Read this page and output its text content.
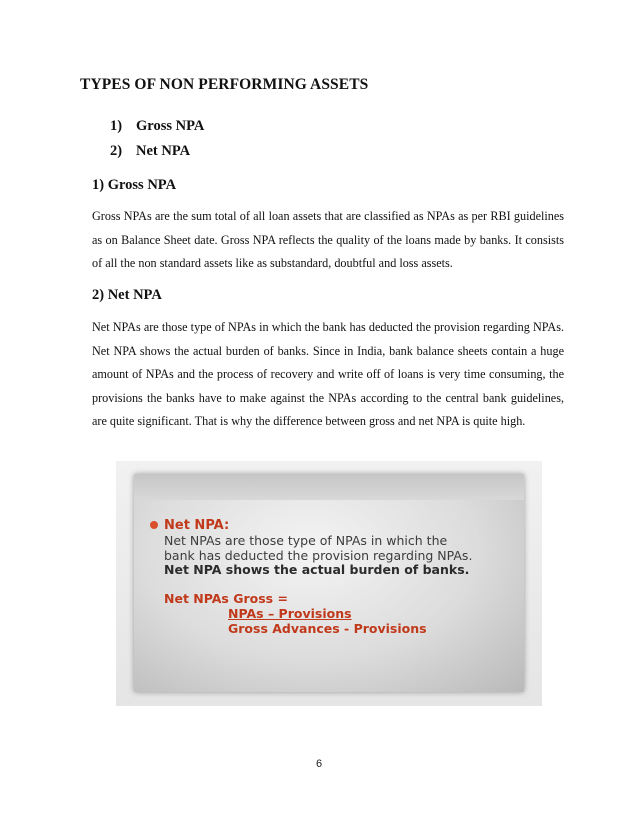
TYPES OF NON PERFORMING ASSETS
1) Gross NPA
2) Net NPA
1) Gross NPA

Gross NPAs are the sum total of all loan assets that are classified as NPAs as per RBI guidelines as on Balance Sheet date. Gross NPA reflects the quality of the loans made by banks. It consists of all the non standard assets like as substandard, doubtful and loss assets.

2) Net NPA

Net NPAs are those type of NPAs in which the bank has deducted the provision regarding NPAs. Net NPA shows the actual burden of banks. Since in India, bank balance sheets contain a huge amount of NPAs and the process of recovery and write off of loans is very time consuming, the provisions the banks have to make against the NPAs according to the central bank guidelines, are quite significant. That is why the difference between gross and net NPA is quite high.

Net NPA:
Net NPAs are those type of NPAs in which the
bank has deducted the provision regarding NPAs.
Net NPA shows the actual burden of banks.
Net NPAs Gross =
NPAs – Provisions
Gross Advances - Provisions
6
